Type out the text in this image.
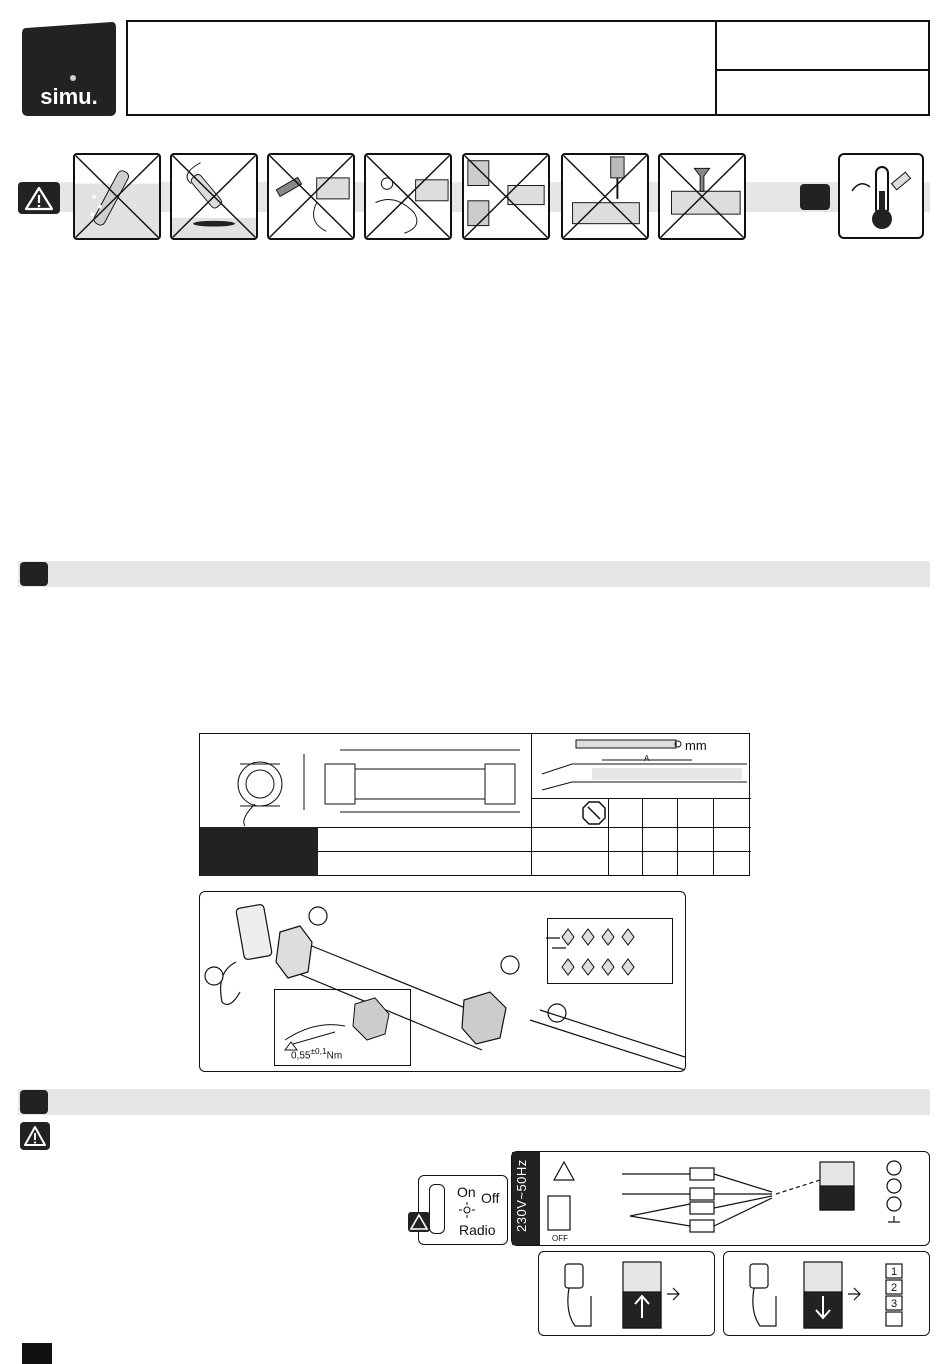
simu.
mm
A
$0,55^{\pm 0,1}Nm$
On Off
Radio 230V~50Hz
OFF
1
2
3
